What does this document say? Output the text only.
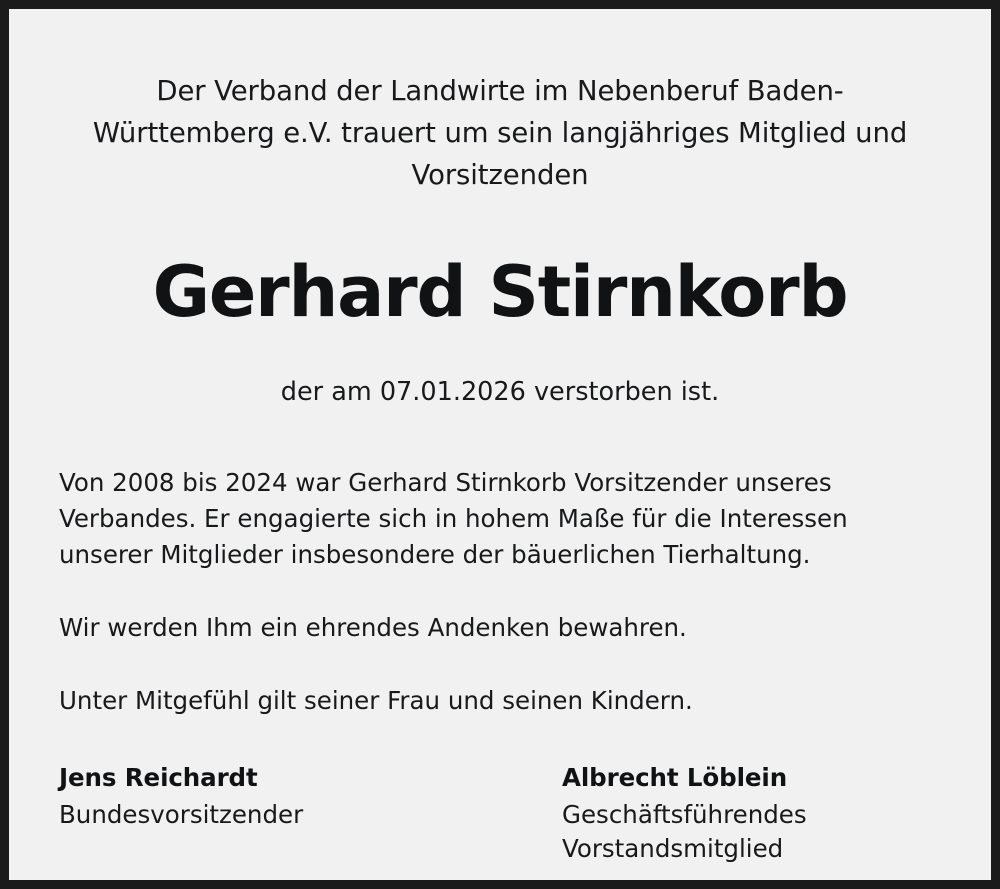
Der Verband der Landwirte im Nebenberuf Baden-Württemberg e.V. trauert um sein langjähriges Mitglied und Vorsitzenden
Gerhard Stirnkorb
der am 07.01.2026 verstorben ist.

Von 2008 bis 2024 war Gerhard Stirnkorb Vorsitzender unseres Verbandes. Er engagierte sich in hohem Maße für die Interessen unserer Mitglieder insbesondere der bäuerlichen Tierhaltung.

Wir werden Ihm ein ehrendes Andenken bewahren.

Unter Mitgefühl gilt seiner Frau und seinen Kindern.

Jens Reichardt
Bundesvorsitzender
Albrecht Löblein
Geschäftsführendes Vorstandsmitglied
